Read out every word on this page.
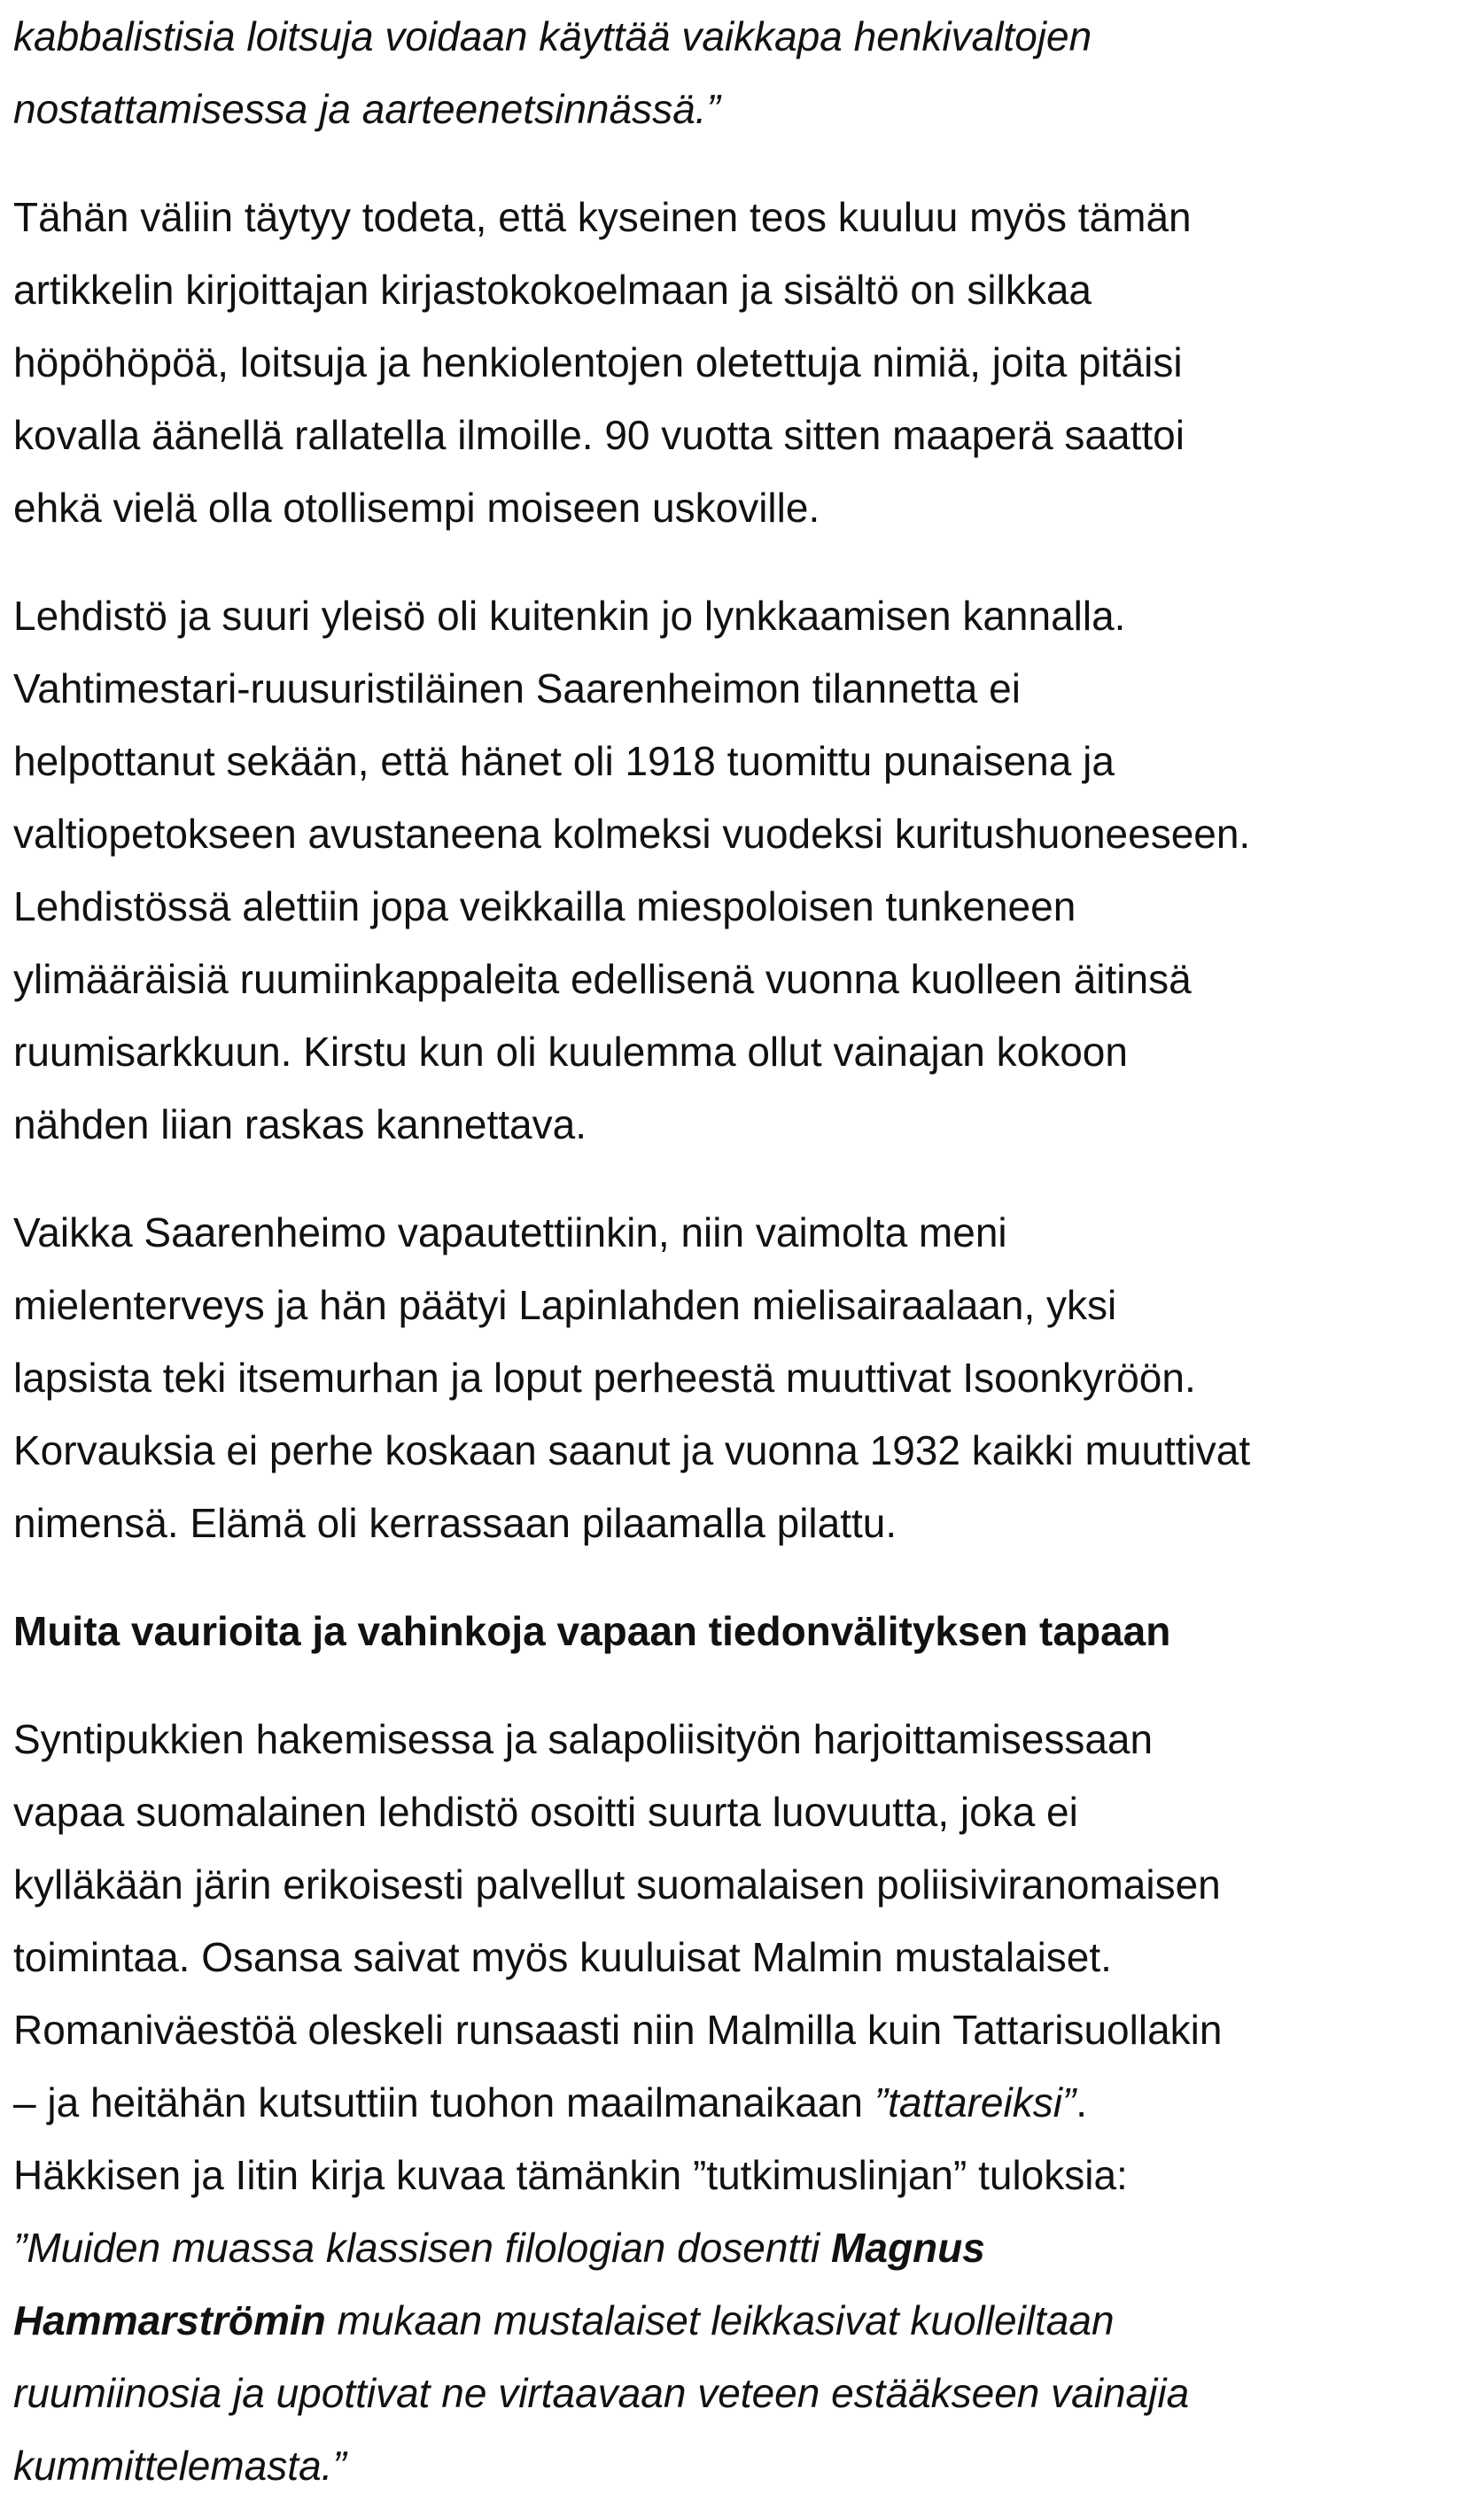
kabbalistisia loitsuja voidaan käyttää vaikkapa henkivaltojen
nostattamisessa ja aarteenetsinnässä.”

Tähän väliin täytyy todeta, että kyseinen teos kuuluu myös tämän
artikkelin kirjoittajan kirjastokokoelmaan ja sisältö on silkkaa
höpöhöpöä, loitsuja ja henkiolentojen oletettuja nimiä, joita pitäisi
kovalla äänellä rallatella ilmoille. 90 vuotta sitten maaperä saattoi
ehkä vielä olla otollisempi moiseen uskoville.

Lehdistö ja suuri yleisö oli kuitenkin jo lynkkaamisen kannalla.
Vahtimestari-ruusuristiläinen Saarenheimon tilannetta ei
helpottanut sekään, että hänet oli 1918 tuomittu punaisena ja
valtiopetokseen avustaneena kolmeksi vuodeksi kuritushuoneeseen.
Lehdistössä alettiin jopa veikkailla miespoloisen tunkeneen
ylimääräisiä ruumiinkappaleita edellisenä vuonna kuolleen äitinsä
ruumisarkkuun. Kirstu kun oli kuulemma ollut vainajan kokoon
nähden liian raskas kannettava.

Vaikka Saarenheimo vapautettiinkin, niin vaimolta meni
mielenterveys ja hän päätyi Lapinlahden mielisairaalaan, yksi
lapsista teki itsemurhan ja loput perheestä muuttivat Isoonkyröön.
Korvauksia ei perhe koskaan saanut ja vuonna 1932 kaikki muuttivat
nimensä. Elämä oli kerrassaan pilaamalla pilattu.

Muita vaurioita ja vahinkoja vapaan tiedonvälityksen tapaan

Syntipukkien hakemisessa ja salapoliisityön harjoittamisessaan
vapaa suomalainen lehdistö osoitti suurta luovuutta, joka ei
kylläkään järin erikoisesti palvellut suomalaisen poliisiviranomaisen
toimintaa. Osansa saivat myös kuuluisat Malmin mustalaiset.
Romaniväestöä oleskeli runsaasti niin Malmilla kuin Tattarisuollakin
– ja heitähän kutsuttiin tuohon maailmanaikaan ”tattareiksi”.
Häkkisen ja Iitin kirja kuvaa tämänkin ”tutkimuslinjan” tuloksia:
”Muiden muassa klassisen filologian dosentti Magnus
Hammarströmin mukaan mustalaiset leikkasivat kuolleiltaan
ruumiinosia ja upottivat ne virtaavaan veteen estääkseen vainajia
kummittelemasta.”
